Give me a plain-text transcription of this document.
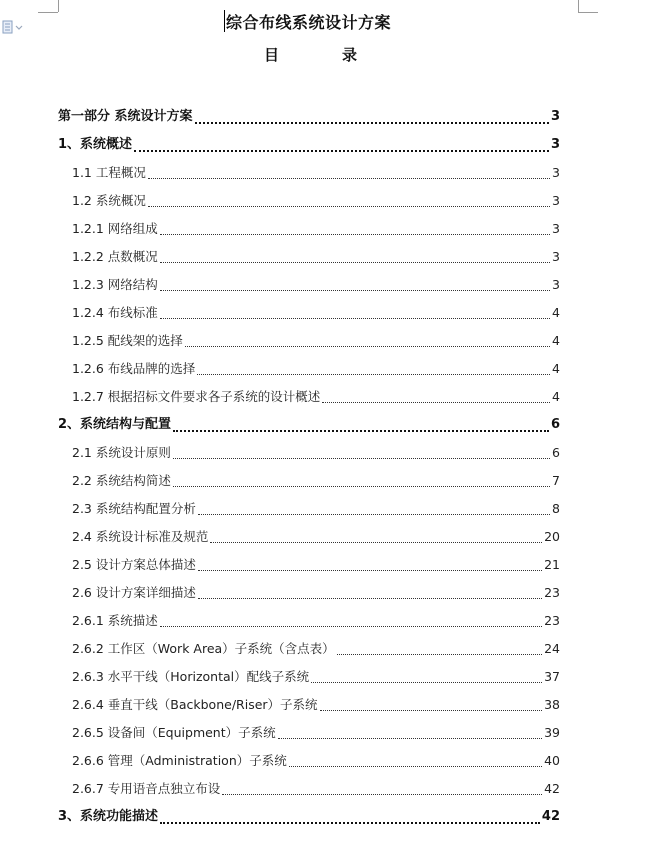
综合布线系统设计方案
目	录
第一部分 系统设计方案	3
1、系统概述	3
1.1 工程概况	3
1.2 系统概况	3
1.2.1 网络组成	3
1.2.2 点数概况	3
1.2.3 网络结构	3
1.2.4 布线标准	4
1.2.5 配线架的选择	4
1.2.6 布线品牌的选择	4
1.2.7 根据招标文件要求各子系统的设计概述	4
2、系统结构与配置	6
2.1 系统设计原则	6
2.2 系统结构简述	7
2.3 系统结构配置分析	8
2.4 系统设计标准及规范	20
2.5 设计方案总体描述	21
2.6 设计方案详细描述	23
2.6.1 系统描述	23
2.6.2 工作区（Work Area）子系统（含点表）	24
2.6.3 水平干线（Horizontal）配线子系统	37
2.6.4 垂直干线（Backbone/Riser）子系统	38
2.6.5 设备间（Equipment）子系统	39
2.6.6 管理（Administration）子系统	40
2.6.7 专用语音点独立布设	42
3、系统功能描述	42
